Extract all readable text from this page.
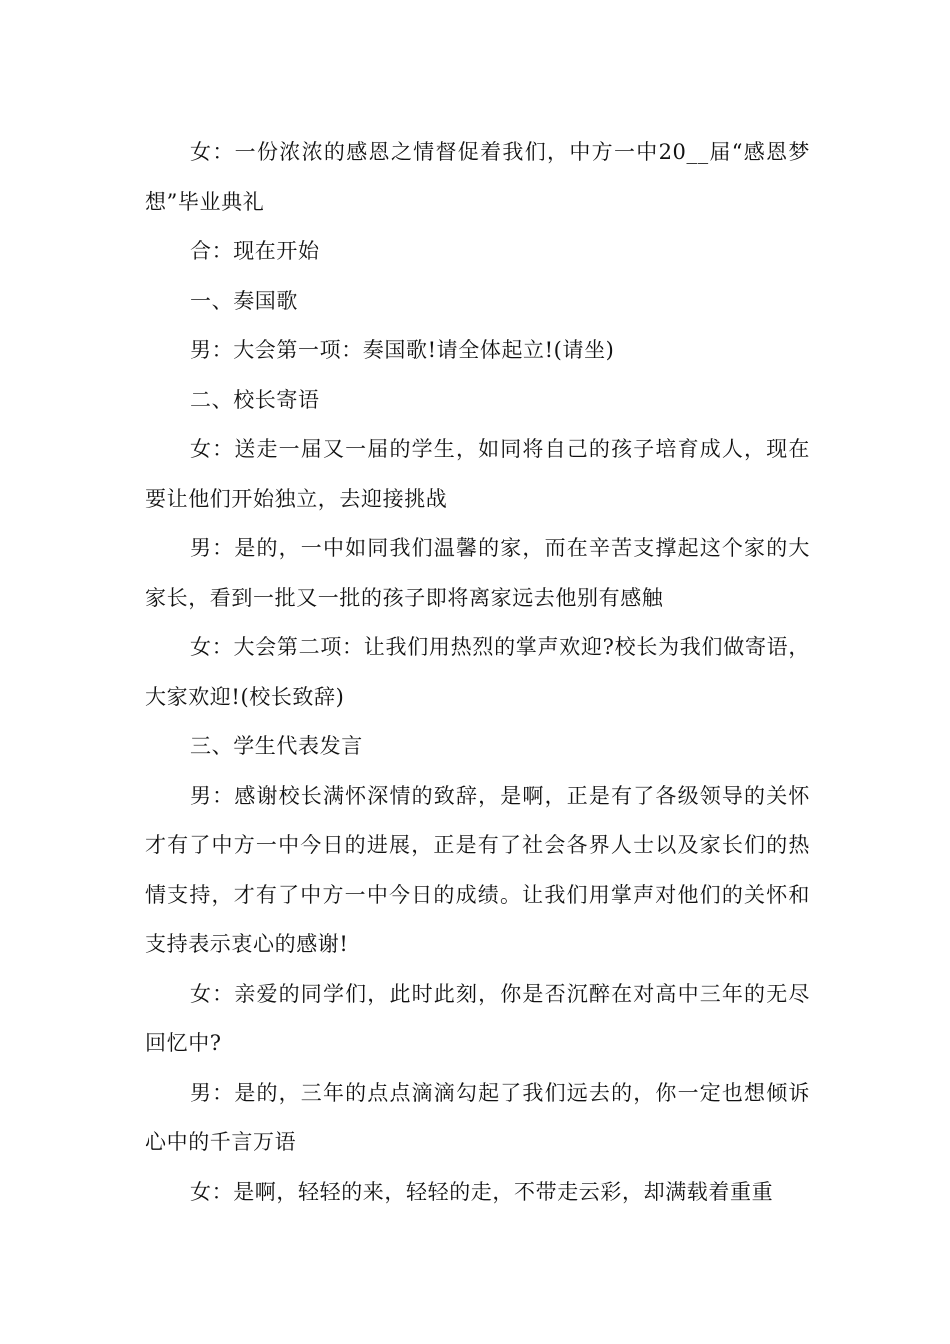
女：一份浓浓的感恩之情督促着我们，中方一中20__届“感恩梦想”毕业典礼

合：现在开始

一、奏国歌

男：大会第一项：奏国歌!请全体起立!(请坐)

二、校长寄语

女：送走一届又一届的学生，如同将自己的孩子培育成人，现在要让他们开始独立，去迎接挑战

男：是的，一中如同我们温馨的家，而在辛苦支撑起这个家的大家长，看到一批又一批的孩子即将离家远去他别有感触

女：大会第二项：让我们用热烈的掌声欢迎?校长为我们做寄语，大家欢迎!(校长致辞)

三、学生代表发言

男：感谢校长满怀深情的致辞，是啊，正是有了各级领导的关怀才有了中方一中今日的进展，正是有了社会各界人士以及家长们的热情支持，才有了中方一中今日的成绩。让我们用掌声对他们的关怀和支持表示衷心的感谢!

女：亲爱的同学们，此时此刻，你是否沉醉在对高中三年的无尽回忆中?

男：是的，三年的点点滴滴勾起了我们远去的，你一定也想倾诉心中的千言万语

女：是啊，轻轻的来，轻轻的走，不带走云彩，却满载着重重
